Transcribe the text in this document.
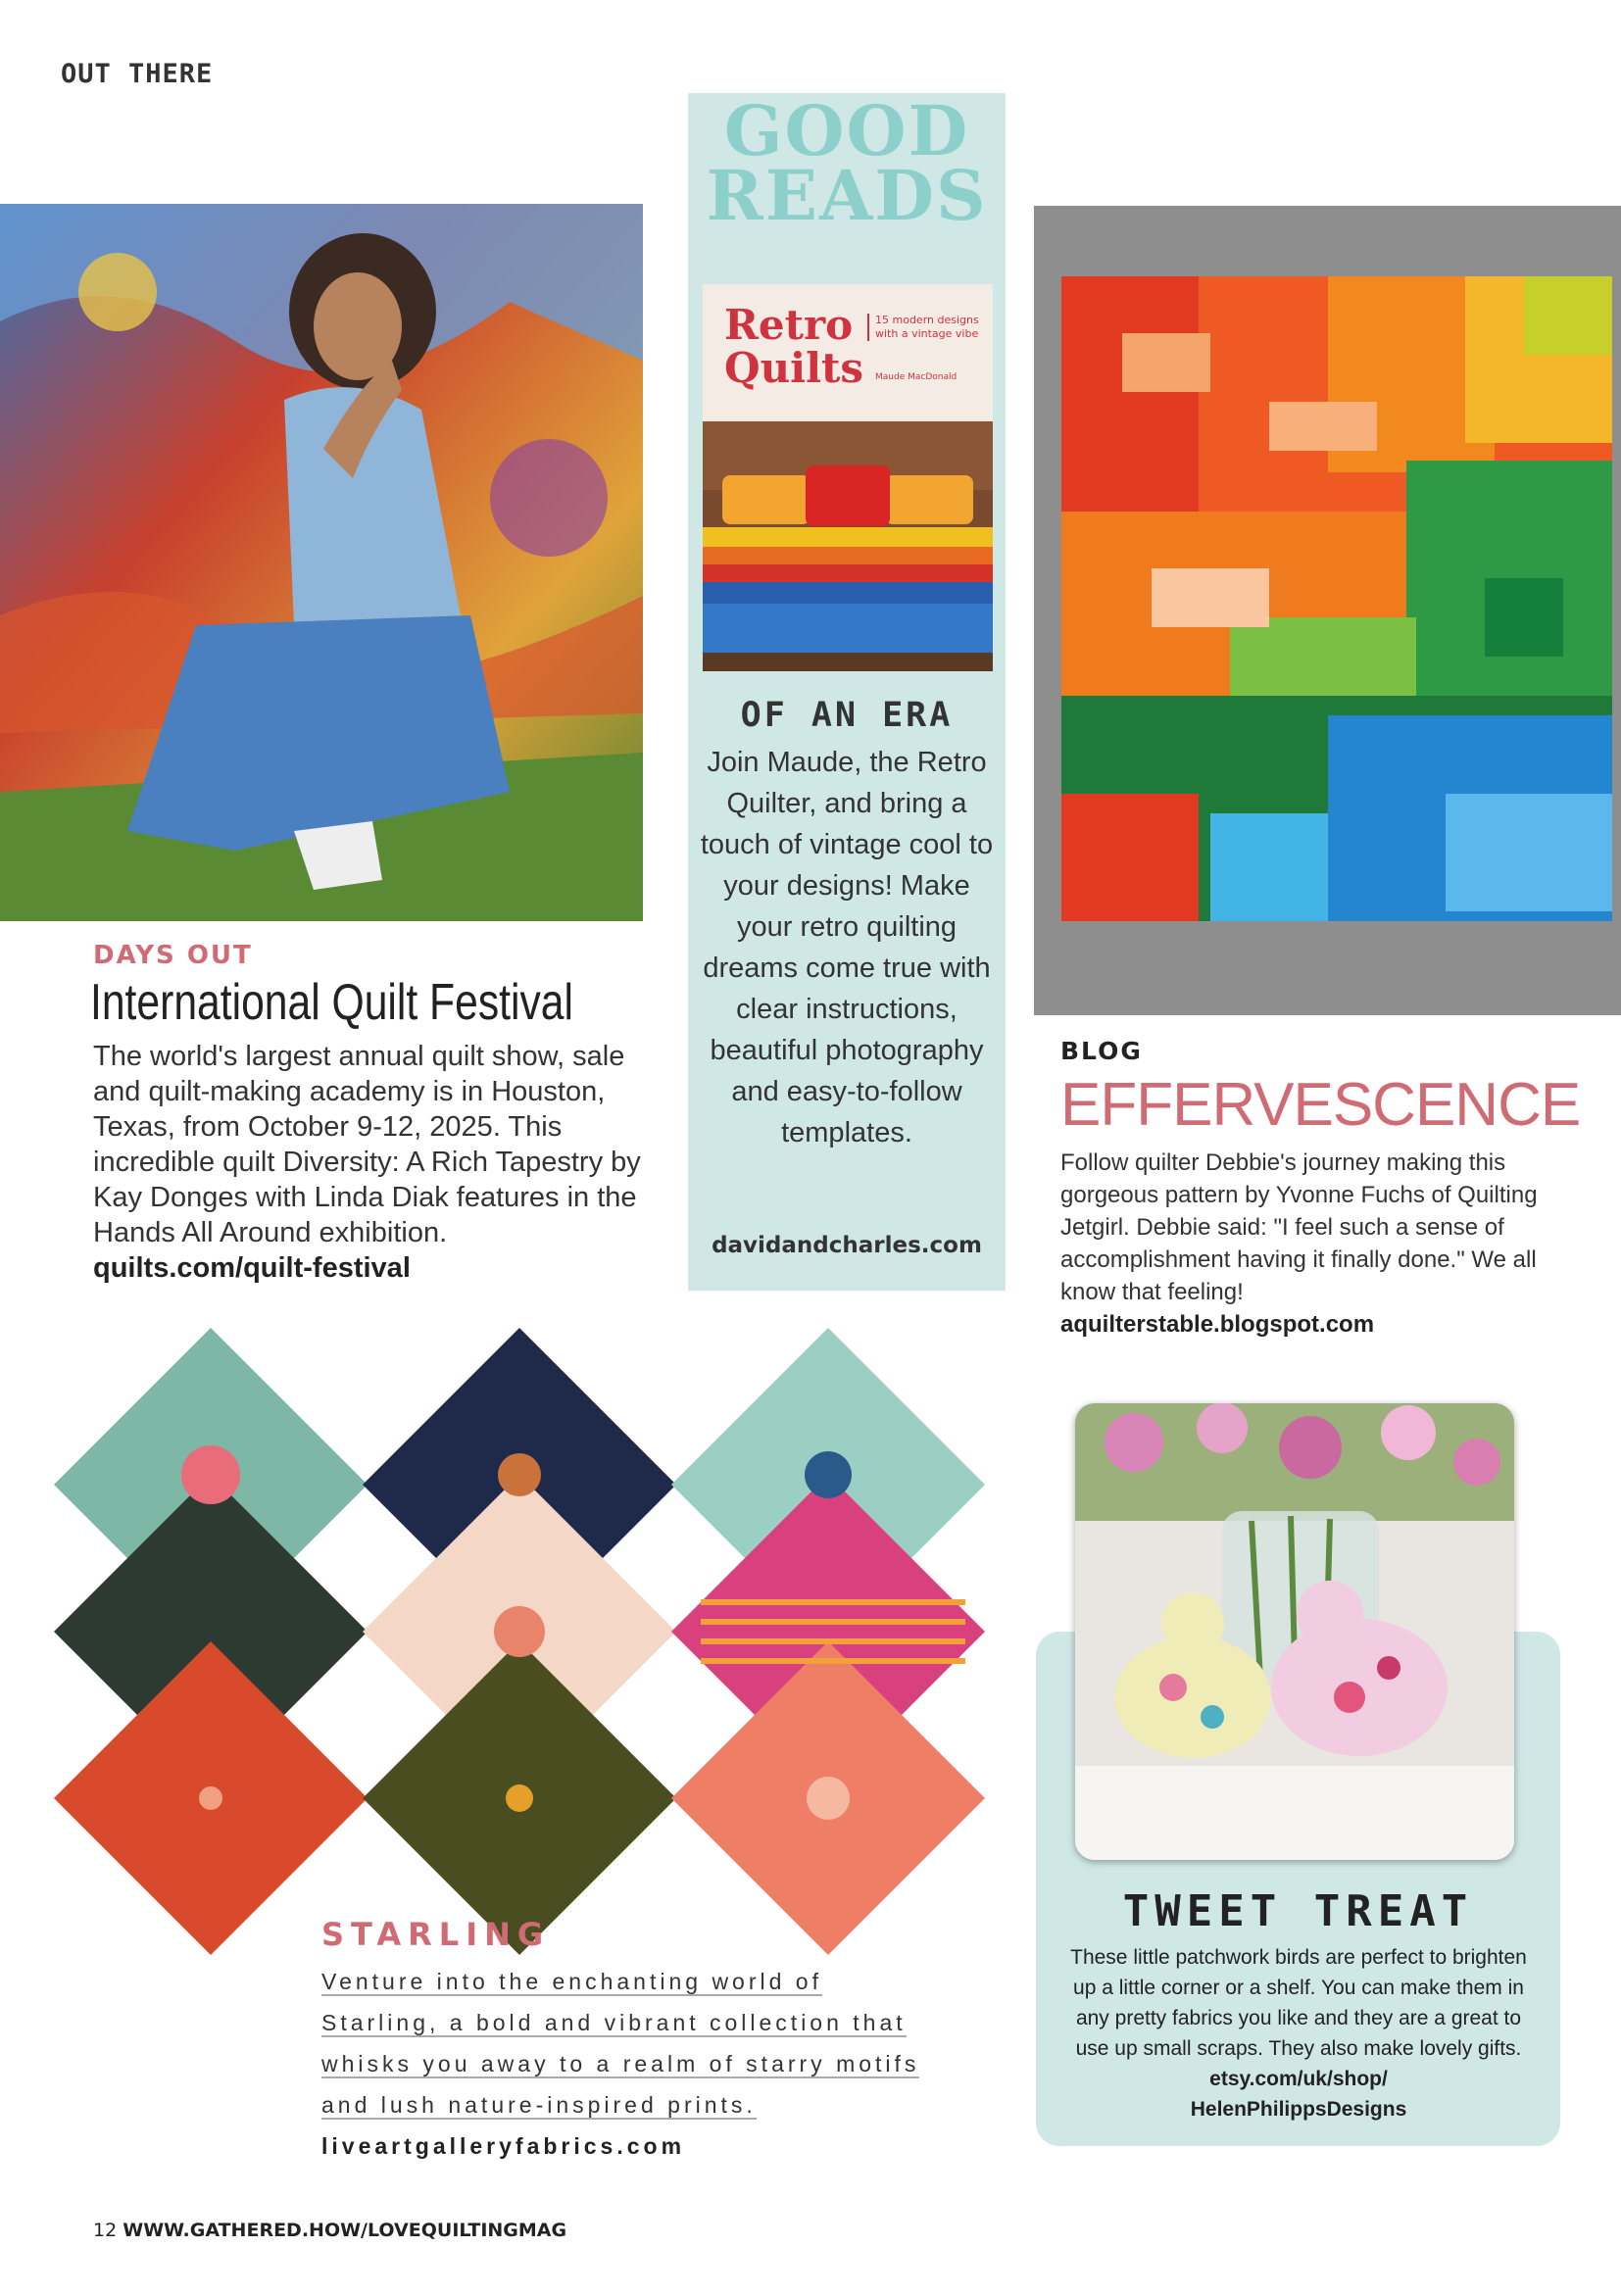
OUT THERE
DAYS OUT
International Quilt Festival
The world's largest annual quilt show, sale and quilt-making academy is in Houston, Texas, from October 9-12, 2025. This incredible quilt Diversity: A Rich Tapestry by Kay Donges with Linda Diak features in the Hands All Around exhibition.
quilts.com/quilt-festival
GOOD
READS
Retro
Quilts
15 modern designs with a vintage vibe
Maude MacDonald
OF AN ERA
Join Maude, the Retro Quilter, and bring a touch of vintage cool to your designs! Make your retro quilting dreams come true with clear instructions, beautiful photography and easy-to-follow templates.
davidandcharles.com
BLOG
EFFERVESCENCE
Follow quilter Debbie's journey making this gorgeous pattern by Yvonne Fuchs of Quilting Jetgirl. Debbie said: "I feel such a sense of accomplishment having it finally done." We all know that feeling!
aquilterstable.blogspot.com
STARLING
Venture into the enchanting world of
Starling, a bold and vibrant collection that
whisks you away to a realm of starry motifs
and lush nature-inspired prints.
liveartgalleryfabrics.com
TWEET TREAT
These little patchwork birds are perfect to brighten up a little corner or a shelf. You can make them in any pretty fabrics you like and they are a great to use up small scraps. They also make lovely gifts. etsy.com/uk/shop/
HelenPhilippsDesigns
12 WWW.GATHERED.HOW/LOVEQUILTINGMAG
